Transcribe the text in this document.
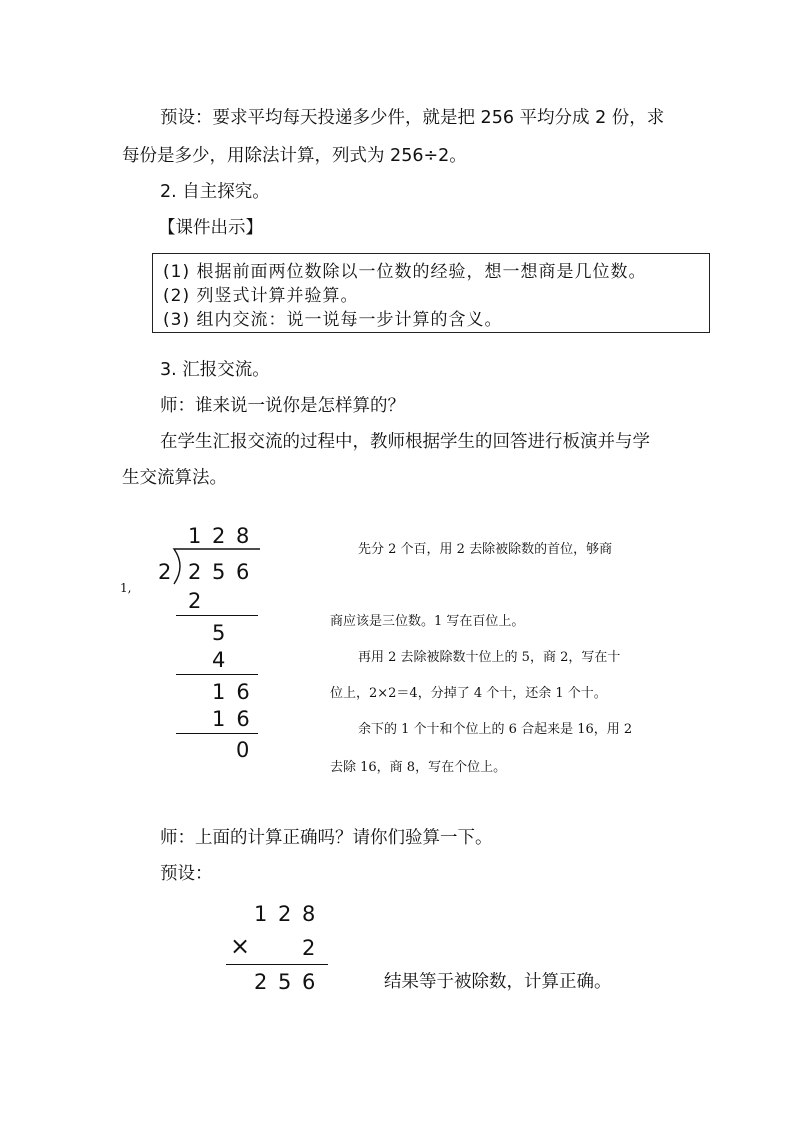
预设：要求平均每天投递多少件，就是把 256 平均分成 2 份，求
每份是多少，用除法计算，列式为 256÷2。
2. 自主探究。
【课件出示】
(1) 根据前面两位数除以一位数的经验，想一想商是几位数。
(2) 列竖式计算并验算。
(3) 组内交流：说一说每一步计算的含义。
3. 汇报交流。
师：谁来说一说你是怎样算的？
在学生汇报交流的过程中，教师根据学生的回答进行板演并与学
生交流算法。
1,
1 2 8
2 2 5 6
2
5
4
16
16
0
先分 2 个百，用 2 去除被除数的首位，够商
商应该是三位数。1 写在百位上。
再用 2 去除被除数十位上的 5，商 2，写在十
位上，2×2＝4，分掉了 4 个十，还余 1 个十。
余下的 1 个十和个位上的 6 合起来是 16，用 2
去除 16，商 8，写在个位上。
师：上面的计算正确吗？请你们验算一下。
预设：
1 2 8
× 2
2 5 6	结果等于被除数，计算正确。
